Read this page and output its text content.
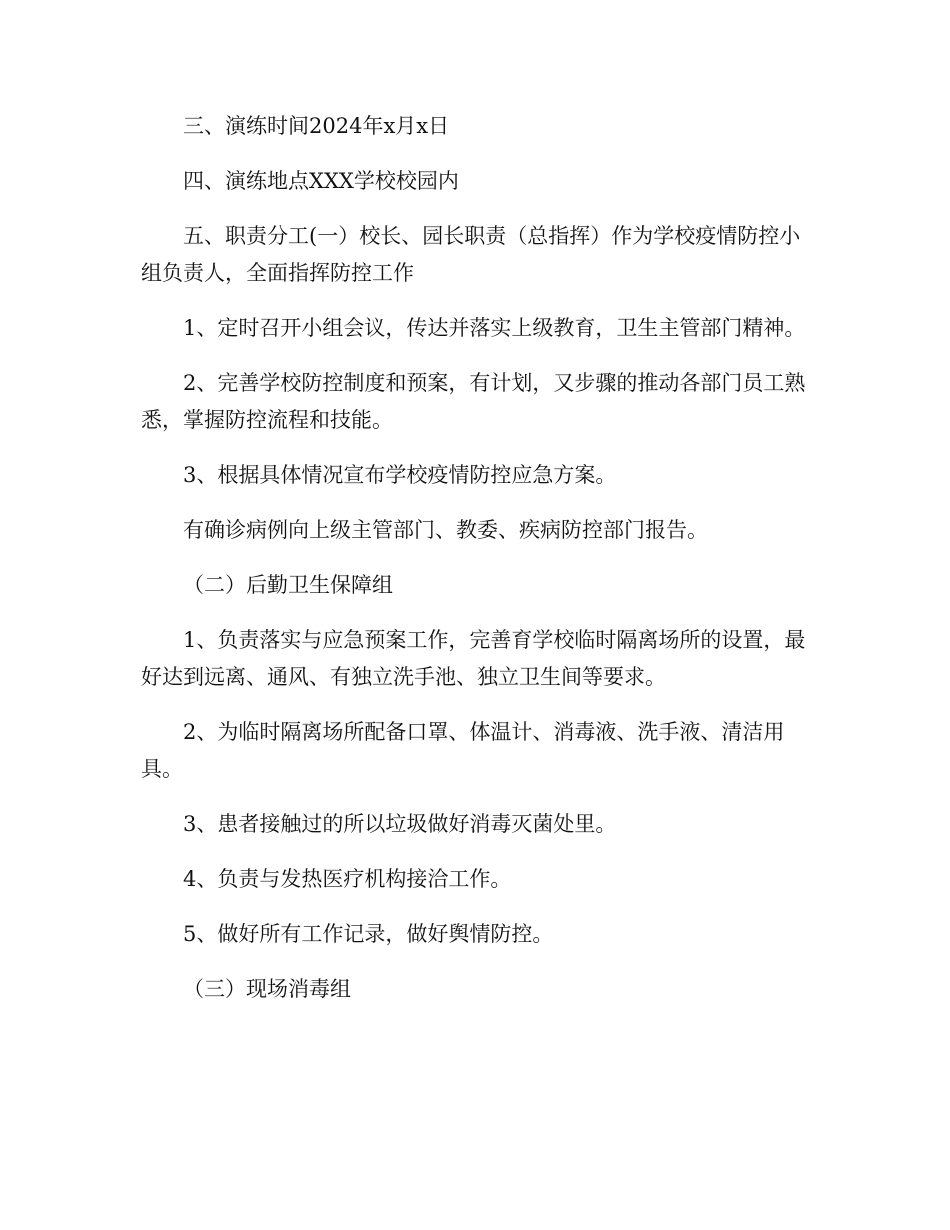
三、演练时间2024年x月x日

四、演练地点XXX学校校园内

五、职责分工(一）校长、园长职责（总指挥）作为学校疫情防控小组负责人，全面指挥防控工作

1、定时召开小组会议，传达并落实上级教育，卫生主管部门精神。

2、完善学校防控制度和预案，有计划，又步骤的推动各部门员工熟悉，掌握防控流程和技能。

3、根据具体情况宣布学校疫情防控应急方案。

有确诊病例向上级主管部门、教委、疾病防控部门报告。

（二）后勤卫生保障组

1、负责落实与应急预案工作，完善育学校临时隔离场所的设置，最好达到远离、通风、有独立洗手池、独立卫生间等要求。

2、为临时隔离场所配备口罩、体温计、消毒液、洗手液、清洁用具。

3、患者接触过的所以垃圾做好消毒灭菌处里。

4、负责与发热医疗机构接洽工作。

5、做好所有工作记录，做好舆情防控。

（三）现场消毒组
